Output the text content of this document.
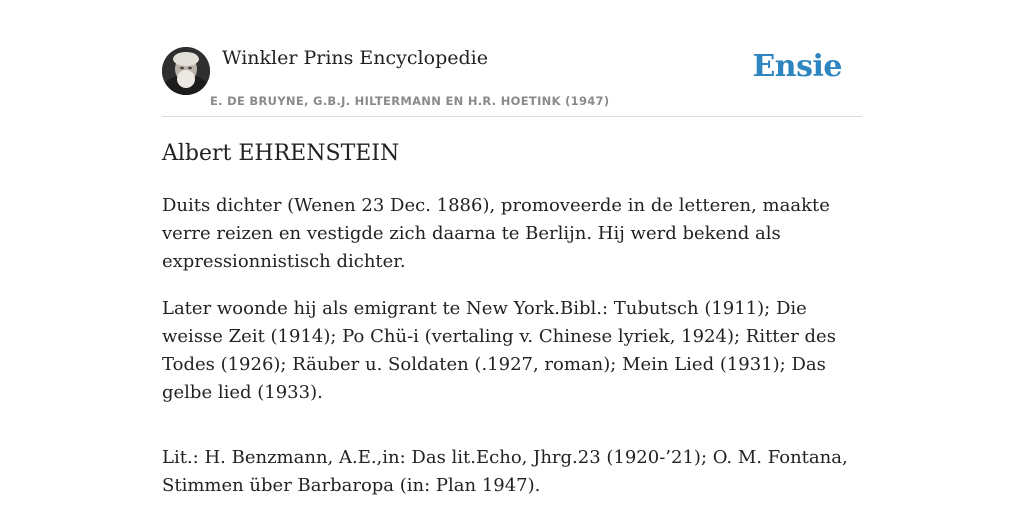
Winkler Prins Encyclopedie
E. DE BRUYNE, G.B.J. HILTERMANN EN H.R. HOETINK (1947)
Ensie
Albert EHRENSTEIN

Duits dichter (Wenen 23 Dec. 1886), promoveerde in de letteren, maakte verre reizen en vestigde zich daarna te Berlijn. Hij werd bekend als expressionnistisch dichter.

Later woonde hij als emigrant te New York.Bibl.: Tubutsch (1911); Die weisse Zeit (1914); Po Chü-i (vertaling v. Chinese lyriek, 1924); Ritter des Todes (1926); Räuber u. Soldaten (.1927, roman); Mein Lied (1931); Das gelbe lied (1933).

Lit.: H. Benzmann, A.E.,in: Das lit.Echo, Jhrg.23 (1920-’21); O. M. Fontana, Stimmen über Barbaropa (in: Plan 1947).
